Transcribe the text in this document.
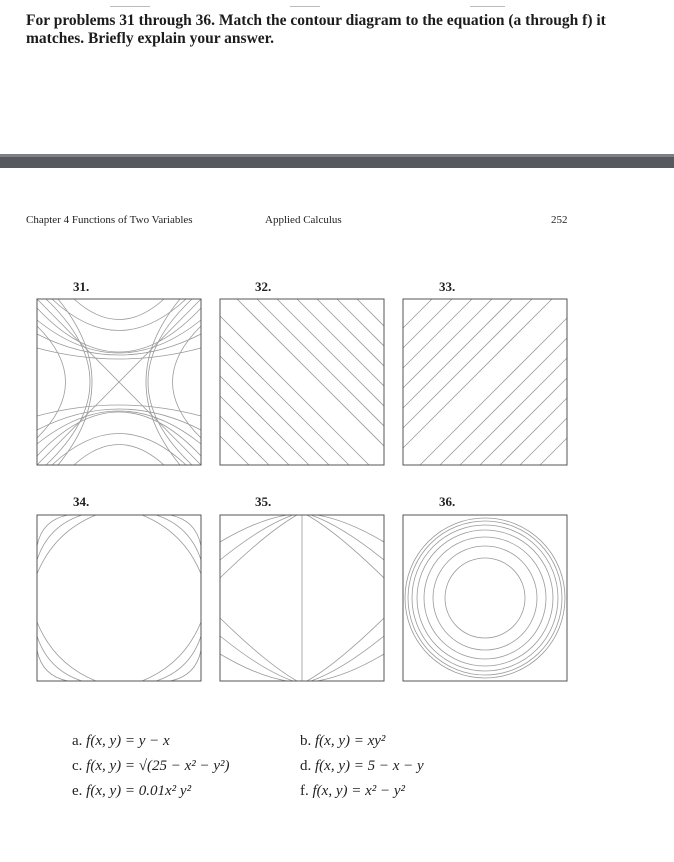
For problems 31 through 36. Match the contour diagram to the equation (a through f) it matches. Briefly explain your answer.
Chapter 4 Functions of Two Variables	Applied Calculus	252
31.	32.	33.
34.	35.	36.
a. f(x, y) = y − x	b. f(x, y) = xy²
c. f(x, y) = √(25 − x² − y²)	d. f(x, y) = 5 − x − y
e. f(x, y) = 0.01x² y²	f. f(x, y) = x² − y²
